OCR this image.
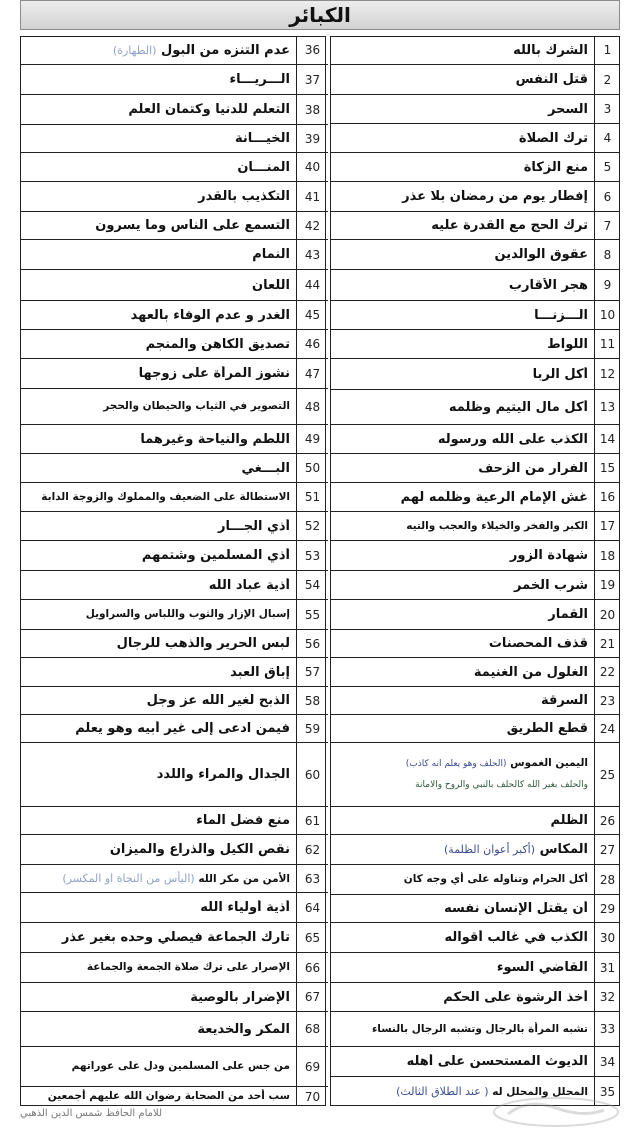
الكبائر
الشرك بالله	1
قتل النفس	2
السحر	3
ترك الصلاة	4
منع الزكاة	5
إفطار يوم من رمضان بلا عذر	6
ترك الحج مع القدرة عليه	7
عقوق الوالدين	8
هجر الأقارب	9
الـــزنـــا 10
اللواط 11
أكل الربا 12
أكل مال اليتيم وظلمه 13
الكذب على الله ورسوله 14
الفرار من الزحف 15
غش الإمام الرعية وظلمه لهم 16
الكبر والفخر والخيلاء والعجب والتيه 17
شهادة الزور 18
شرب الخمر 19
القمار 20
قذف المحصنات 21
الغلول من الغنيمة 22
السرقة 23
قطع الطريق 24
اليمين الغموس (الحلف وهو يعلم انه كاذب)
والحلف بغير الله كالحلف بالنبي والروح والامانة
25
الظلم 26
المكاس (أكبر أعوان الظلمة)	27
أكل الحرام وتناوله على أي وجه كان 28
أن يقتل الإنسان نفسه 29
الكذب في غالب أقواله 30
القاضي السوء 31
أخذ الرشوة على الحكم 32
تشبه المرأة بالرجال وتشبه الرجال بالنساء 33
الديوث المستحسن على أهله 34
المحلل والمحلل له ( عند الطلاق الثالث)	35
عدم التنزه من البول (الطهارة)	36
الـــريـــاء	37
التعلم للدنيا وكتمان العلم	38
الخيـــانة	39
المنـــان	40
التكذيب بالقدر	41
التسمع على الناس وما يسرون	42
النمام	43
اللعان	44
الغدر و عدم الوفاء بالعهد	45
تصديق الكاهن والمنجم	46
نشوز المرأة على زوجها	47
التصوير في الثياب والحيطان والحجر	48
اللطم والنياحة وغيرهما	49
البـــغي	50
الاستطالة على الضعيف والمملوك والزوجة الدابة	51
أذي الجـــار	52
أذي المسلمين وشتمهم	53
أذية عباد الله	54
إسبال الإزار والثوب واللباس والسراويل	55
لبس الحرير والذهب للرجال	56
إباق العبد	57
الذبح لغير الله عز وجل	58
فيمن ادعى إلى غير أبيه وهو يعلم	59
الجدال والمراء واللدد	60
منع فضل الماء	61
نقص الكيل والذراع والميزان	62
الأمن من مكر الله (اليأس من النجاة او المكسر)	63
أذية أولياء الله	64
تارك الجماعة فيصلي وحده بغير عذر	65
الإصرار على ترك صلاة الجمعة والجماعة	66
الإضرار بالوصية	67
المكر والخديعة	68
من جس على المسلمين ودل على عوراتهم	69
سب أحد من الصحابة رضوان الله عليهم أجمعين	70
للامام الحافظ شمس الدين الذهبي
